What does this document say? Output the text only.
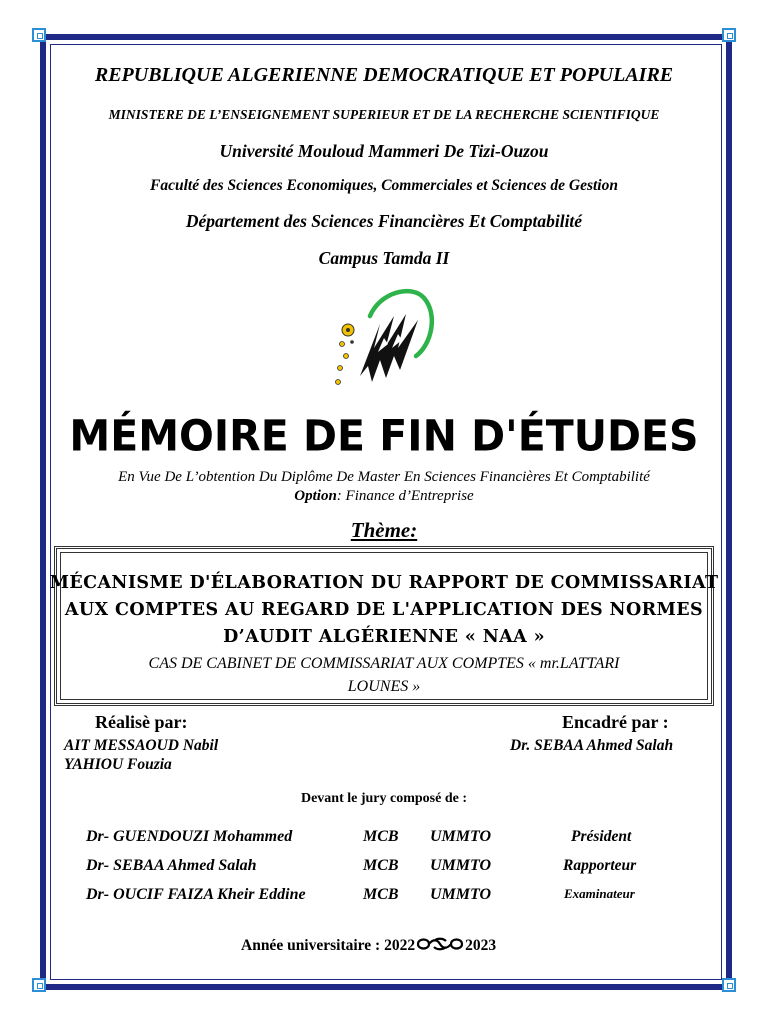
REPUBLIQUE ALGERIENNE DEMOCRATIQUE ET POPULAIRE
MINISTERE DE L’ENSEIGNEMENT SUPERIEUR ET DE LA RECHERCHE SCIENTIFIQUE
Université Mouloud Mammeri De Tizi-Ouzou
Faculté des Sciences Economiques, Commerciales et Sciences de Gestion
Département des Sciences Financières Et Comptabilité
Campus Tamda II
MÉMOIRE DE FIN D'ÉTUDES
En Vue De L’obtention Du Diplôme De Master En Sciences Financières Et Comptabilité
Option: Finance d’Entreprise
Thème:
MÉCANISME D'ÉLABORATION DU RAPPORT DE COMMISSARIAT
AUX COMPTES AU REGARD DE L'APPLICATION DES NORMES
D’AUDIT ALGÉRIENNE « NAA »
CAS DE CABINET DE COMMISSARIAT AUX COMPTES « mr.LATTARI
LOUNES »
Réalisè par:	Encadré par :
AIT MESSAOUD Nabil
YAHIOU Fouzia
Dr. SEBAA Ahmed Salah
Devant le jury composé de :
Dr- GUENDOUZI Mohammed	MCB UMMTO	Président
Dr- SEBAA Ahmed Salah	MCB UMMTO	Rapporteur
Dr- OUCIF FAIZA Kheir Eddine	MCB UMMTO	Examinateur
Année universitaire : 2022	2023
